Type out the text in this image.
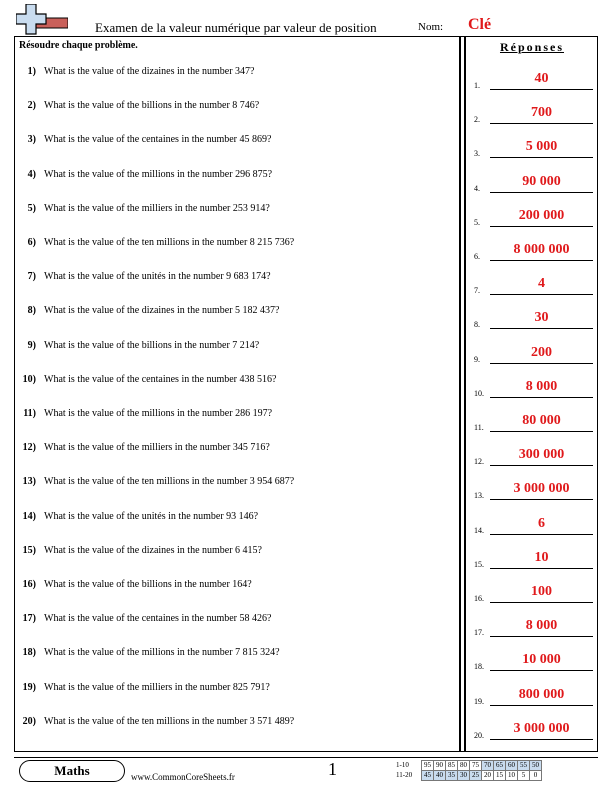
Examen de la valeur numérique par valeur de position	Nom: Clé
Résoudre chaque problème.	Réponses
1) What is the value of the dizaines in the number 347?
2) What is the value of the billions in the number 8 746?
3) What is the value of the centaines in the number 45 869?
4) What is the value of the millions in the number 296 875?
5) What is the value of the milliers in the number 253 914?
6) What is the value of the ten millions in the number 8 215 736?
7) What is the value of the unités in the number 9 683 174?
8) What is the value of the dizaines in the number 5 182 437?
9) What is the value of the billions in the number 7 214?
10) What is the value of the centaines in the number 438 516?
11) What is the value of the millions in the number 286 197?
12) What is the value of the milliers in the number 345 716?
13) What is the value of the ten millions in the number 3 954 687?
14) What is the value of the unités in the number 93 146?
15) What is the value of the dizaines in the number 6 415?
16) What is the value of the billions in the number 164?
17) What is the value of the centaines in the number 58 426?
18) What is the value of the millions in the number 7 815 324?
19) What is the value of the milliers in the number 825 791?
20) What is the value of the ten millions in the number 3 571 489?
1.	40
2.	700
3.	5 000
4.	90 000
5.	200 000
6.	8 000 000
7.	4
8.	30
9.	200
10.	8 000
11.	80 000
12.	300 000
13.	3 000 000
14.	6
15.	10
16.	100
17.	8 000
18.	10 000
19.	800 000
20.	3 000 000
Maths	www.CommonCoreSheets.fr	1	1-10	95 90 85 80 75 70 65 60 55 50
11-20	45 40 35 30 25 20 15 10 5	0
